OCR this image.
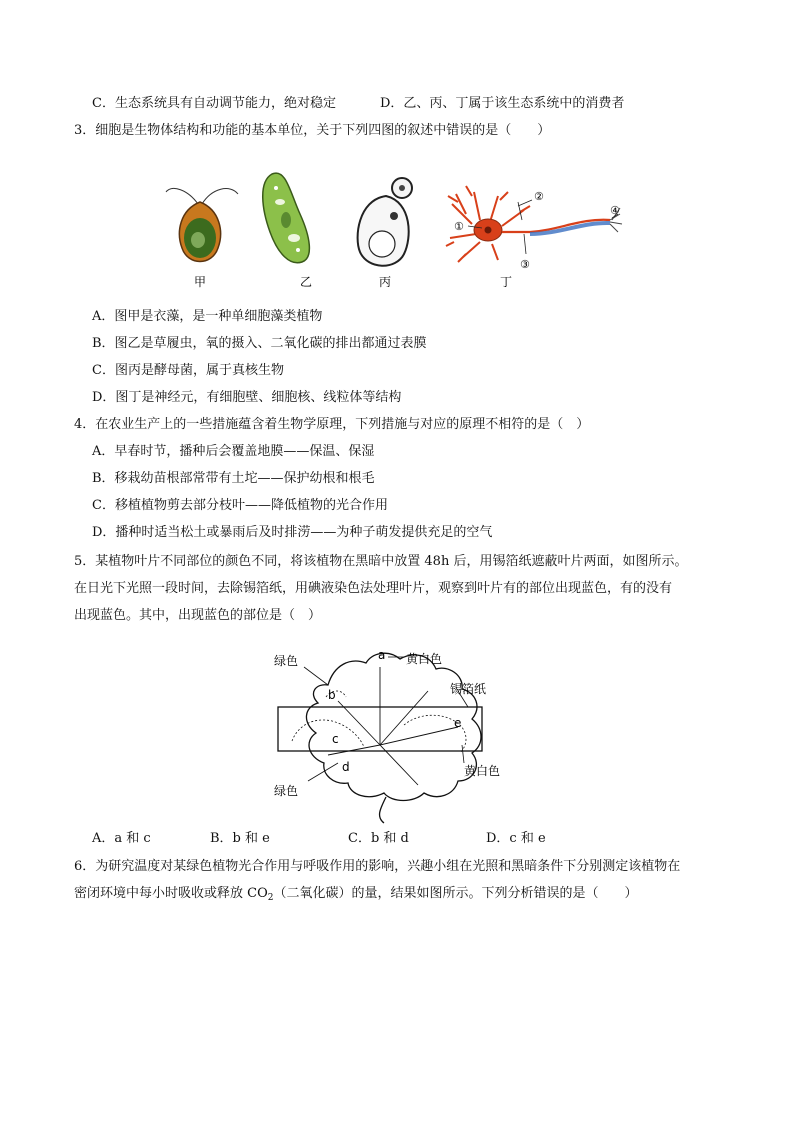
C．生态系统具有自动调节能力，绝对稳定	D．乙、丙、丁属于该生态系统中的消费者
3．细胞是生物体结构和功能的基本单位，关于下列四图的叙述中错误的是（　　）
甲	乙	丙
①
②
③
④
丁
A．图甲是衣藻，是一种单细胞藻类植物
B．图乙是草履虫，氧的摄入、二氧化碳的排出都通过表膜
C．图丙是酵母菌，属于真核生物
D．图丁是神经元，有细胞壁、细胞核、线粒体等结构
4．在农业生产上的一些措施蕴含着生物学原理，下列措施与对应的原理不相符的是（　）
A．早春时节，播种后会覆盖地膜——保温、保湿
B．移栽幼苗根部常带有土坨——保护幼根和根毛
C．移植植物剪去部分枝叶——降低植物的光合作用
D．播种时适当松土或暴雨后及时排涝——为种子萌发提供充足的空气
5．某植物叶片不同部位的颜色不同，将该植物在黑暗中放置 48h 后，用锡箔纸遮蔽叶片两面，如图所示。
在日光下光照一段时间，去除锡箔纸，用碘液染色法处理叶片，观察到叶片有的部位出现蓝色，有的没有
出现蓝色。其中，出现蓝色的部位是（　）
绿色	a 黄白色
锡箔纸
b
e
c
d	黄白色
绿色
A．a 和 c	B．b 和 e	C．b 和 d	D．c 和 e
6．为研究温度对某绿色植物光合作用与呼吸作用的影响，兴趣小组在光照和黑暗条件下分别测定该植物在
密闭环境中每小时吸收或释放 $CO_2$（二氧化碳）的量，结果如图所示。下列分析错误的是（　　）
